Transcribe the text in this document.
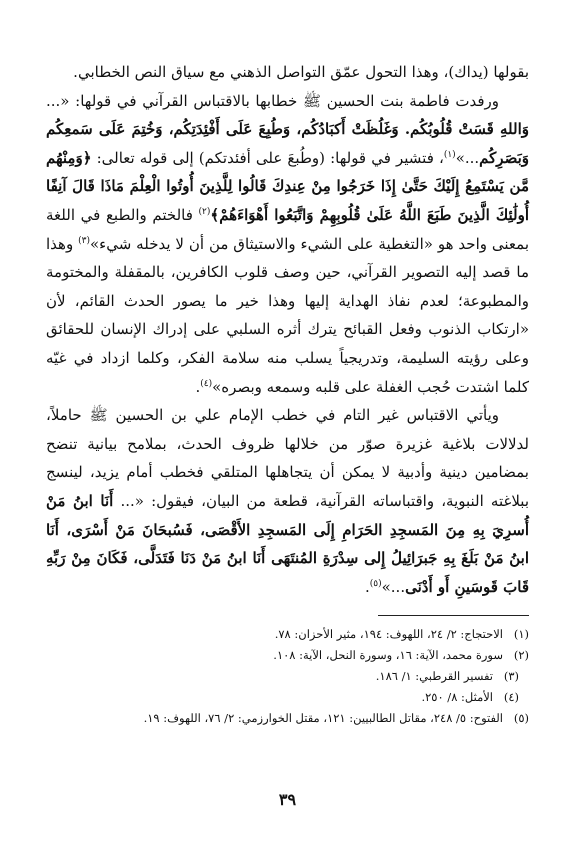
بقولها (يداك)، وهذا التحول عمّق التواصل الذهني مع سياق النص الخطابي.

ورفدت فاطمة بنت الحسين ﷺ خطابها بالاقتباس القرآني في قولها: «... وَاللهِ قَسَتْ قُلُوبُكُم. وَغَلُظَتْ أَكبَادُكُم، وَطُبِعَ عَلَى أَفْئِدَتِكُم، وَخُتِمَ عَلَى سَمعِكُم وَبَصَرِكُم...»$^{(١)}$، فتشير في قولها: (وطُبعَ على أفئدتكم) إلى قوله تعالى: ﴿وَمِنْهُم مَّن يَسْتَمِعُ إِلَيْكَ حَتَّىٰ إِذَا خَرَجُوا مِنْ عِندِكَ قَالُوا لِلَّذِينَ أُوتُوا الْعِلْمَ مَاذَا قَالَ آنِفًا أُولَٰئِكَ الَّذِينَ طَبَعَ اللَّهُ عَلَىٰ قُلُوبِهِمْ وَاتَّبَعُوا أَهْوَاءَهُمْ﴾$^{(٢)}$ فالختم والطبع في اللغة بمعنى واحد هو «التغطية على الشيء والاستيثاق من أن لا يدخله شيء»$^{(٣)}$ وهذا ما قصد إليه التصوير القرآني، حين وصف قلوب الكافرين، بالمقفلة والمختومة والمطبوعة؛ لعدم نفاذ الهداية إليها وهذا خير ما يصور الحدث القائم، لأن «ارتكاب الذنوب وفعل القبائح يترك أثره السلبي على إدراك الإنسان للحقائق وعلى رؤيته السليمة، وتدريجياً يسلب منه سلامة الفكر، وكلما ازداد في غيّه كلما اشتدت حُجب الغفلة على قلبه وسمعه وبصره»$^{(٤)}$.

ويأتي الاقتباس غير التام في خطب الإمام علي بن الحسين ﷺ حاملاً، لدلالات بلاغية غزيرة صوّر من خلالها ظروف الحدث، بملامح بيانية تنضح بمضامين دينية وأدبية لا يمكن أن يتجاهلها المتلقي فخطب أمام يزيد، لينسج ببلاغته النبوية، واقتباساته القرآنية، قطعة من البيان، فيقول: «... أَنَا ابنُ مَنْ أُسرِيَ بِهِ مِنَ المَسجِدِ الحَرَامِ إِلَى المَسجِدِ الأَقْصَى، فَسُبحَانَ مَنْ أَسْرَى، أَنَا ابنُ مَنْ بَلَغَ بِهِ جَبرَائِيلُ إِلى سِدْرَةِ المُنتَهَى أَنَا ابنُ مَنْ دَنَا فَتَدَلَّى، فَكَانَ مِنْ رَبِّهِ قَابَ قَوسَينِ أَو أَدْنَى...»$^{(٥)}$.

(١)
الاحتجاج: ٢/ ٢٤، اللهوف: ١٩٤، مثير الأحزان: ٧٨.
(٢)
سورة محمد، الآية: ١٦، وسورة النحل، الآية: ١٠٨.
(٣)
تفسير القرطبي: ١/ ١٨٦.
(٤)
الأمثل: ٨/ ٢٥٠.
(٥)
الفتوح: ٥/ ٢٤٨، مقاتل الطالبيين: ١٢١، مقتل الخوارزمي: ٢/ ٧٦، اللهوف: ١٩.
٣٩
